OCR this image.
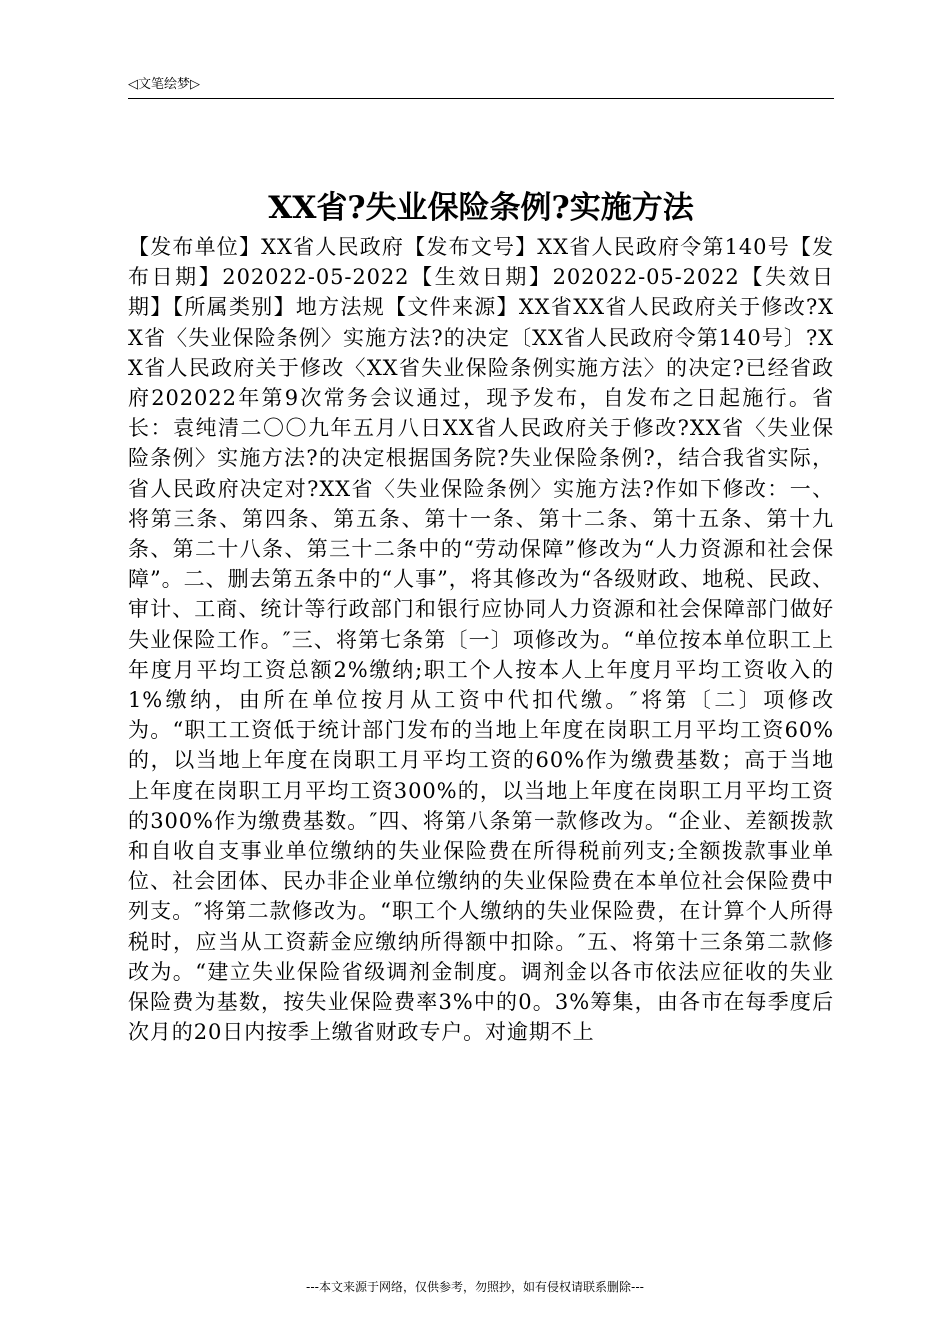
◁文笔绘梦▷
XX省?失业保险条例?实施方法

【发布单位】XX省人民政府【发布文号】XX省人民政府令第140号【发布日期】202022-05-2022【生效日期】202022-05-2022【失效日期】【所属类别】地方法规【文件来源】XX省XX省人民政府关于修改?XX省〈失业保险条例〉实施方法?的决定〔XX省人民政府令第140号〕?XX省人民政府关于修改〈XX省失业保险条例实施方法〉的决定?已经省政府202022年第9次常务会议通过，现予发布，自发布之日起施行。省长：袁纯清二〇〇九年五月八日XX省人民政府关于修改?XX省〈失业保险条例〉实施方法?的决定根据国务院?失业保险条例?，结合我省实际，省人民政府决定对?XX省〈失业保险条例〉实施方法?作如下修改：一、将第三条、第四条、第五条、第十一条、第十二条、第十五条、第十九条、第二十八条、第三十二条中的“劳动保障”修改为“人力资源和社会保障”。二、删去第五条中的“人事”，将其修改为“各级财政、地税、民政、审计、工商、统计等行政部门和银行应协同人力资源和社会保障部门做好失业保险工作。″三、将第七条第〔一〕项修改为。“单位按本单位职工上年度月平均工资总额2%缴纳;职工个人按本人上年度月平均工资收入的1%缴纳，由所在单位按月从工资中代扣代缴。″将第〔二〕项修改为。“职工工资低于统计部门发布的当地上年度在岗职工月平均工资60%的，以当地上年度在岗职工月平均工资的60%作为缴费基数；高于当地上年度在岗职工月平均工资300%的，以当地上年度在岗职工月平均工资的300%作为缴费基数。″四、将第八条第一款修改为。“企业、差额拨款和自收自支事业单位缴纳的失业保险费在所得税前列支;全额拨款事业单位、社会团体、民办非企业单位缴纳的失业保险费在本单位社会保险费中列支。″将第二款修改为。“职工个人缴纳的失业保险费，在计算个人所得税时，应当从工资薪金应缴纳所得额中扣除。″五、将第十三条第二款修改为。“建立失业保险省级调剂金制度。调剂金以各市依法应征收的失业保险费为基数，按失业保险费率3%中的0。3%筹集，由各市在每季度后次月的20日内按季上缴省财政专户。对逾期不上

---本文来源于网络，仅供参考，勿照抄，如有侵权请联系删除---
